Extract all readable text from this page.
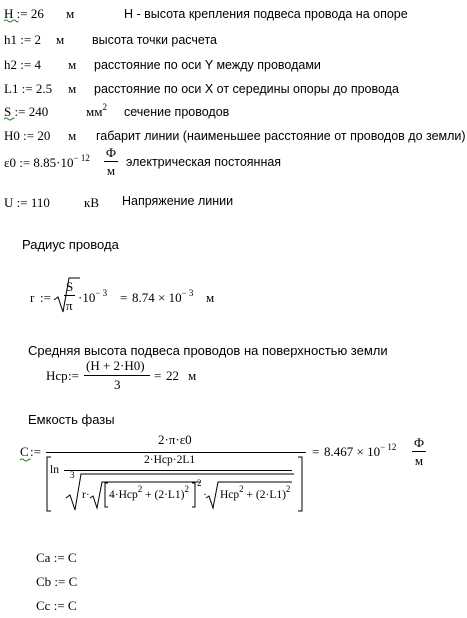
H := 26 м	Н - высота крепления подвеса провода на опоре
h1 := 2 м высота точки расчета
h2 := 4 м расстояние по оси Y между проводами
L1 := 2.5 м расстояние по оси X от середины опоры до провода
S := 240	$мм^2$ сечение проводов
H0 := 20 м габарит линии (наименьшее расстояние от проводов до земли)
ε0 := $8.85\cdot 10^{- 12}$ Ф
м
электрическая постоянная
U := 110	кВ Напряжение линии
Радиус провода
r :=
S
π
$\cdot 10^{- 3} = 8.74 \times 10^{- 3}$ м
Средняя высота подвеса проводов на поверхностью земли
Hcp :=
(H + 2·H0)
3
= 22 м
Емкость фазы
C :=
2·π·ε0
ln
2·Hcp·2L1
3
$r\cdot 4\cdot Hcp^2 + (2\cdot L1)^2$
2
· $Hcp^2 + (2\cdot L1)^2$
= $8.467 \times 10^{- 12}$ Ф
м
Ca := C
Cb := C
Cc := C
